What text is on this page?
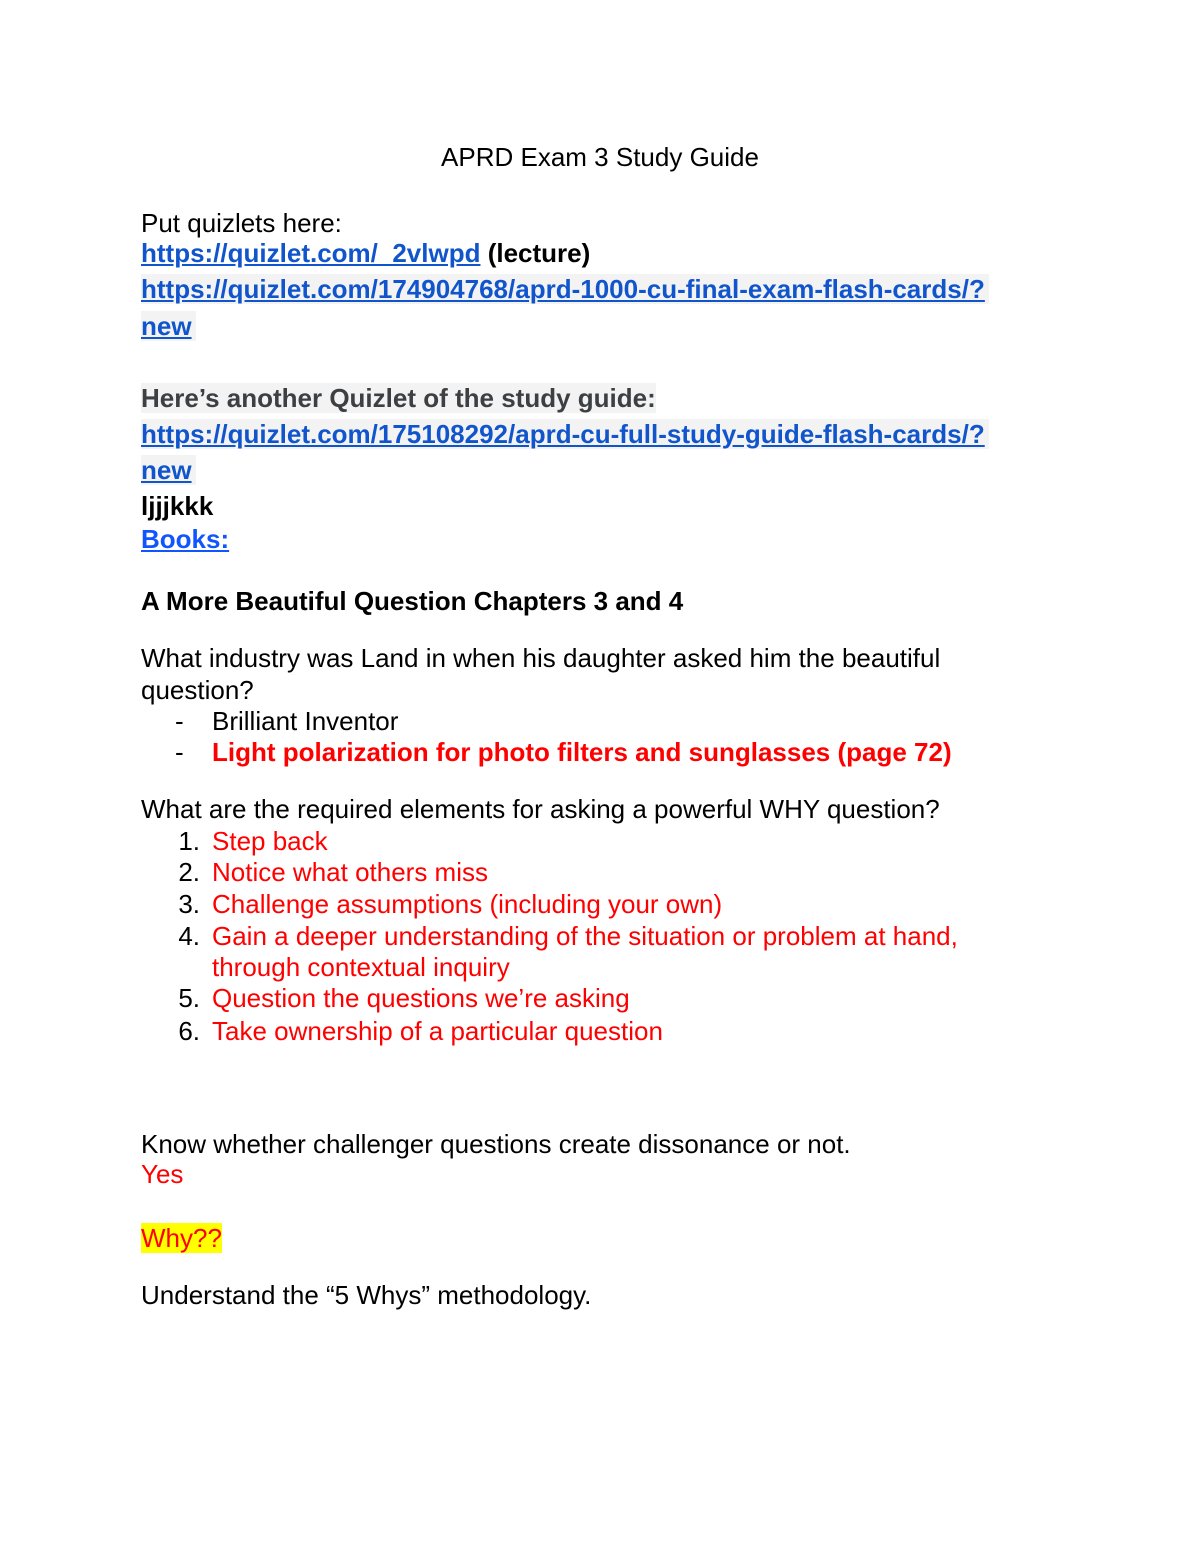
APRD Exam 3 Study Guide
Put quizlets here:
https://quizlet.com/_2vlwpd (lecture)
https://quizlet.com/174904768/aprd-1000-cu-final-exam-flash-cards/?
new
Here’s another Quizlet of the study guide:
https://quizlet.com/175108292/aprd-cu-full-study-guide-flash-cards/?
new
ljjjkkk
Books:
A More Beautiful Question Chapters 3 and 4
What industry was Land in when his daughter asked him the beautiful
question?
- Brilliant Inventor
- Light polarization for photo filters and sunglasses (page 72)
What are the required elements for asking a powerful WHY question?
1. Step back
2. Notice what others miss
3. Challenge assumptions (including your own)
4. Gain a deeper understanding of the situation or problem at hand,
through contextual inquiry
5. Question the questions we’re asking
6. Take ownership of a particular question
Know whether challenger questions create dissonance or not.
Yes
Why??
Understand the “5 Whys” methodology.
